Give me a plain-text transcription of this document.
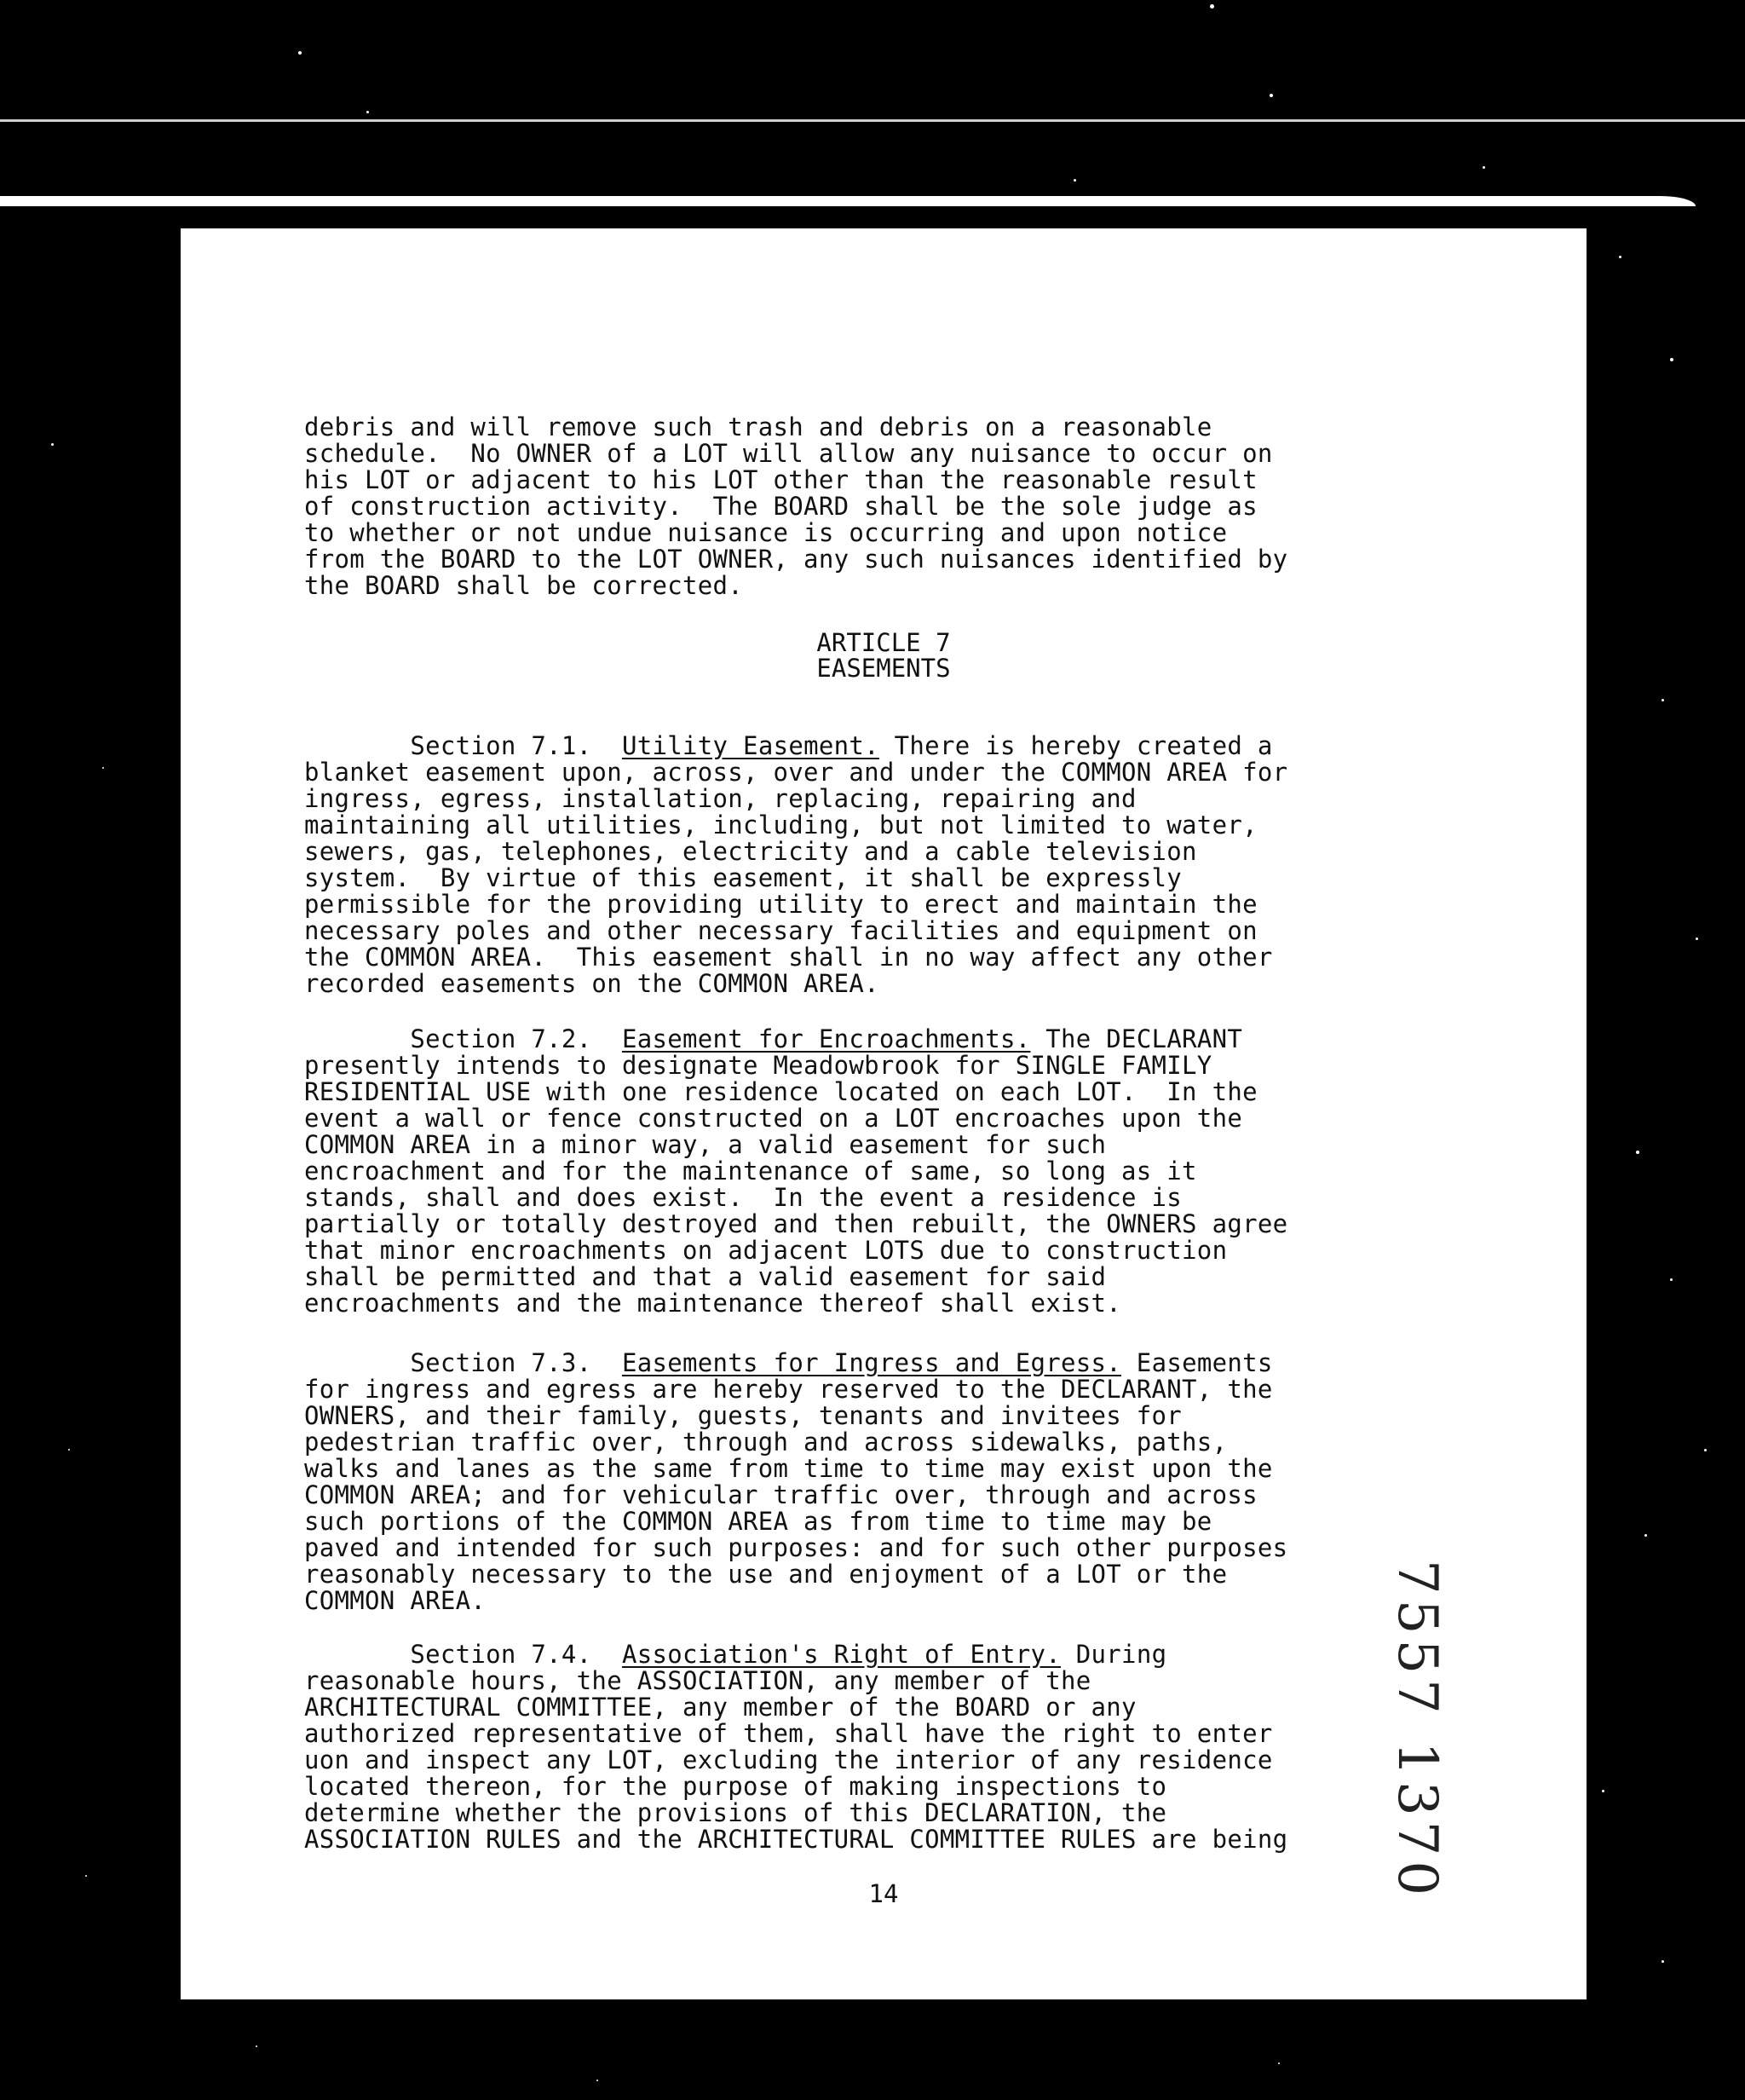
debris and will remove such trash and debris on a reasonable
schedule.  No OWNER of a LOT will allow any nuisance to occur on
his LOT or adjacent to his LOT other than the reasonable result
of construction activity.  The BOARD shall be the sole judge as
to whether or not undue nuisance is occurring and upon notice
from the BOARD to the LOT OWNER, any such nuisances identified by
the BOARD shall be corrected.
ARTICLE 7
EASEMENTS
Section 7.1. Utility Easement. There is hereby created a
blanket easement upon, across, over and under the COMMON AREA for
ingress, egress, installation, replacing, repairing and
maintaining all utilities, including, but not limited to water,
sewers, gas, telephones, electricity and a cable television
system.  By virtue of this easement, it shall be expressly
permissible for the providing utility to erect and maintain the
necessary poles and other necessary facilities and equipment on
the COMMON AREA.  This easement shall in no way affect any other
recorded easements on the COMMON AREA.
Section 7.2. Easement for Encroachments. The DECLARANT
presently intends to designate Meadowbrook for SINGLE FAMILY
RESIDENTIAL USE with one residence located on each LOT.  In the
event a wall or fence constructed on a LOT encroaches upon the
COMMON AREA in a minor way, a valid easement for such
encroachment and for the maintenance of same, so long as it
stands, shall and does exist.  In the event a residence is
partially or totally destroyed and then rebuilt, the OWNERS agree
that minor encroachments on adjacent LOTS due to construction
shall be permitted and that a valid easement for said
encroachments and the maintenance thereof shall exist.
Section 7.3. Easements for Ingress and Egress. Easements
for ingress and egress are hereby reserved to the DECLARANT, the
OWNERS, and their family, guests, tenants and invitees for
pedestrian traffic over, through and across sidewalks, paths,
walks and lanes as the same from time to time may exist upon the
COMMON AREA; and for vehicular traffic over, through and across
such portions of the COMMON AREA as from time to time may be
paved and intended for such purposes: and for such other purposes
reasonably necessary to the use and enjoyment of a LOT or the
COMMON AREA.
Section 7.4. Association's Right of Entry. During
reasonable hours, the ASSOCIATION, any member of the
ARCHITECTURAL COMMITTEE, any member of the BOARD or any
authorized representative of them, shall have the right to enter
uon and inspect any LOT, excluding the interior of any residence
located thereon, for the purpose of making inspections to
determine whether the provisions of this DECLARATION, the
ASSOCIATION RULES and the ARCHITECTURAL COMMITTEE RULES are being
14	7557 1370
